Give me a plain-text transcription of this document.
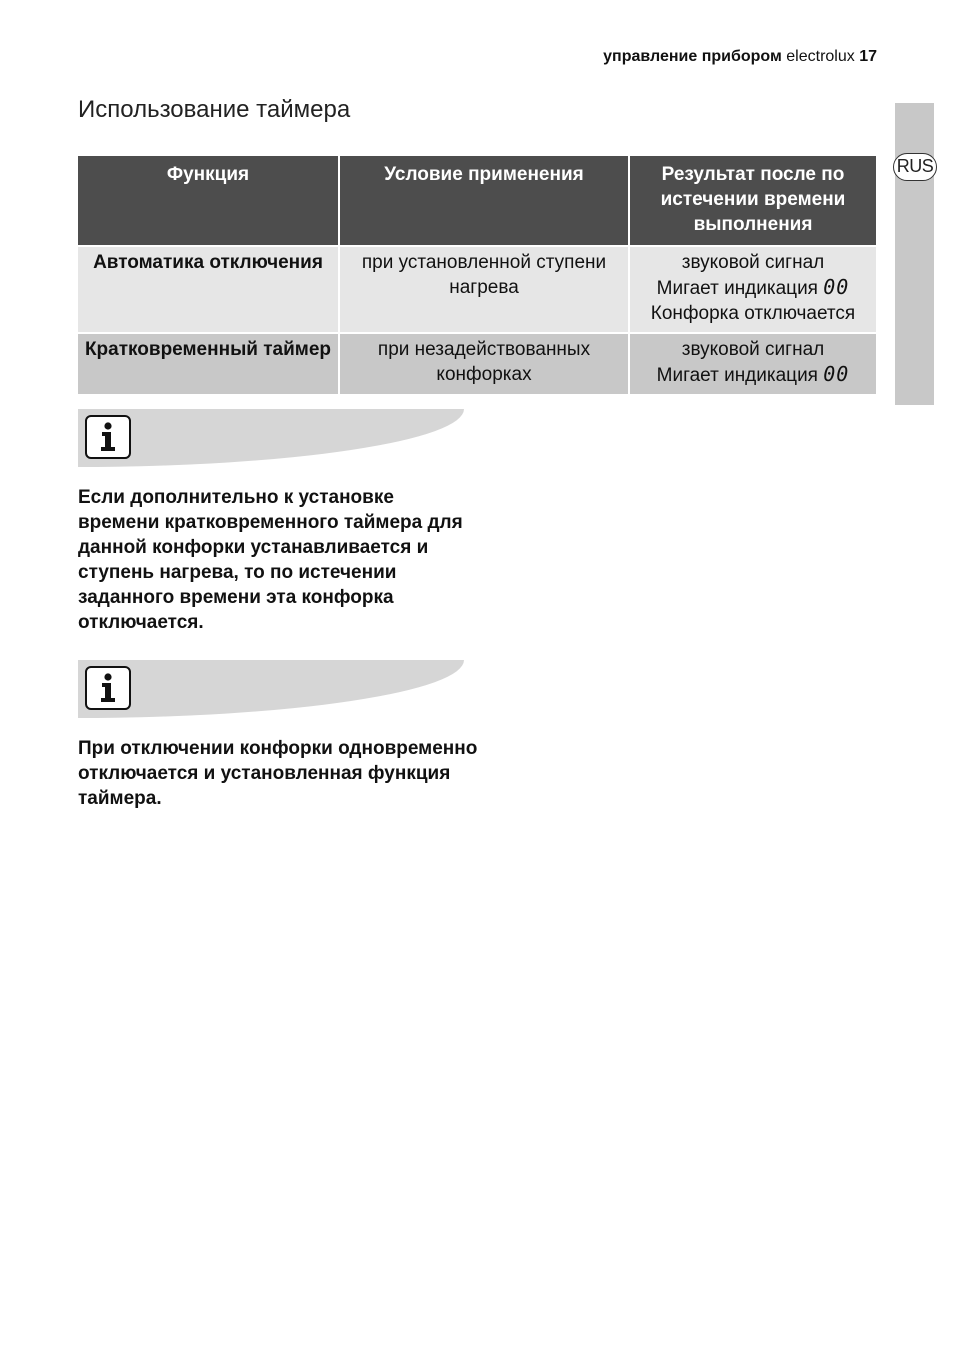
управление прибором electrolux 17
RUS
Использование таймера
Функция	Условие применения	Результат после по истечении времени выполнения
Автоматика отключения	при установленной ступени нагрева	звуковой сигнал
Мигает индикация 00
Конфорка отключается

Кратковременный таймер	при незадействованных конфорках	звуковой сигнал
Мигает индикация 00

Если дополнительно к установке времени кратковременного таймера для данной конфорки устанавливается и ступень нагрева, то по истечении заданного времени эта конфорка отключается.

При отключении конфорки одновременно отключается и установленная функция таймера.
